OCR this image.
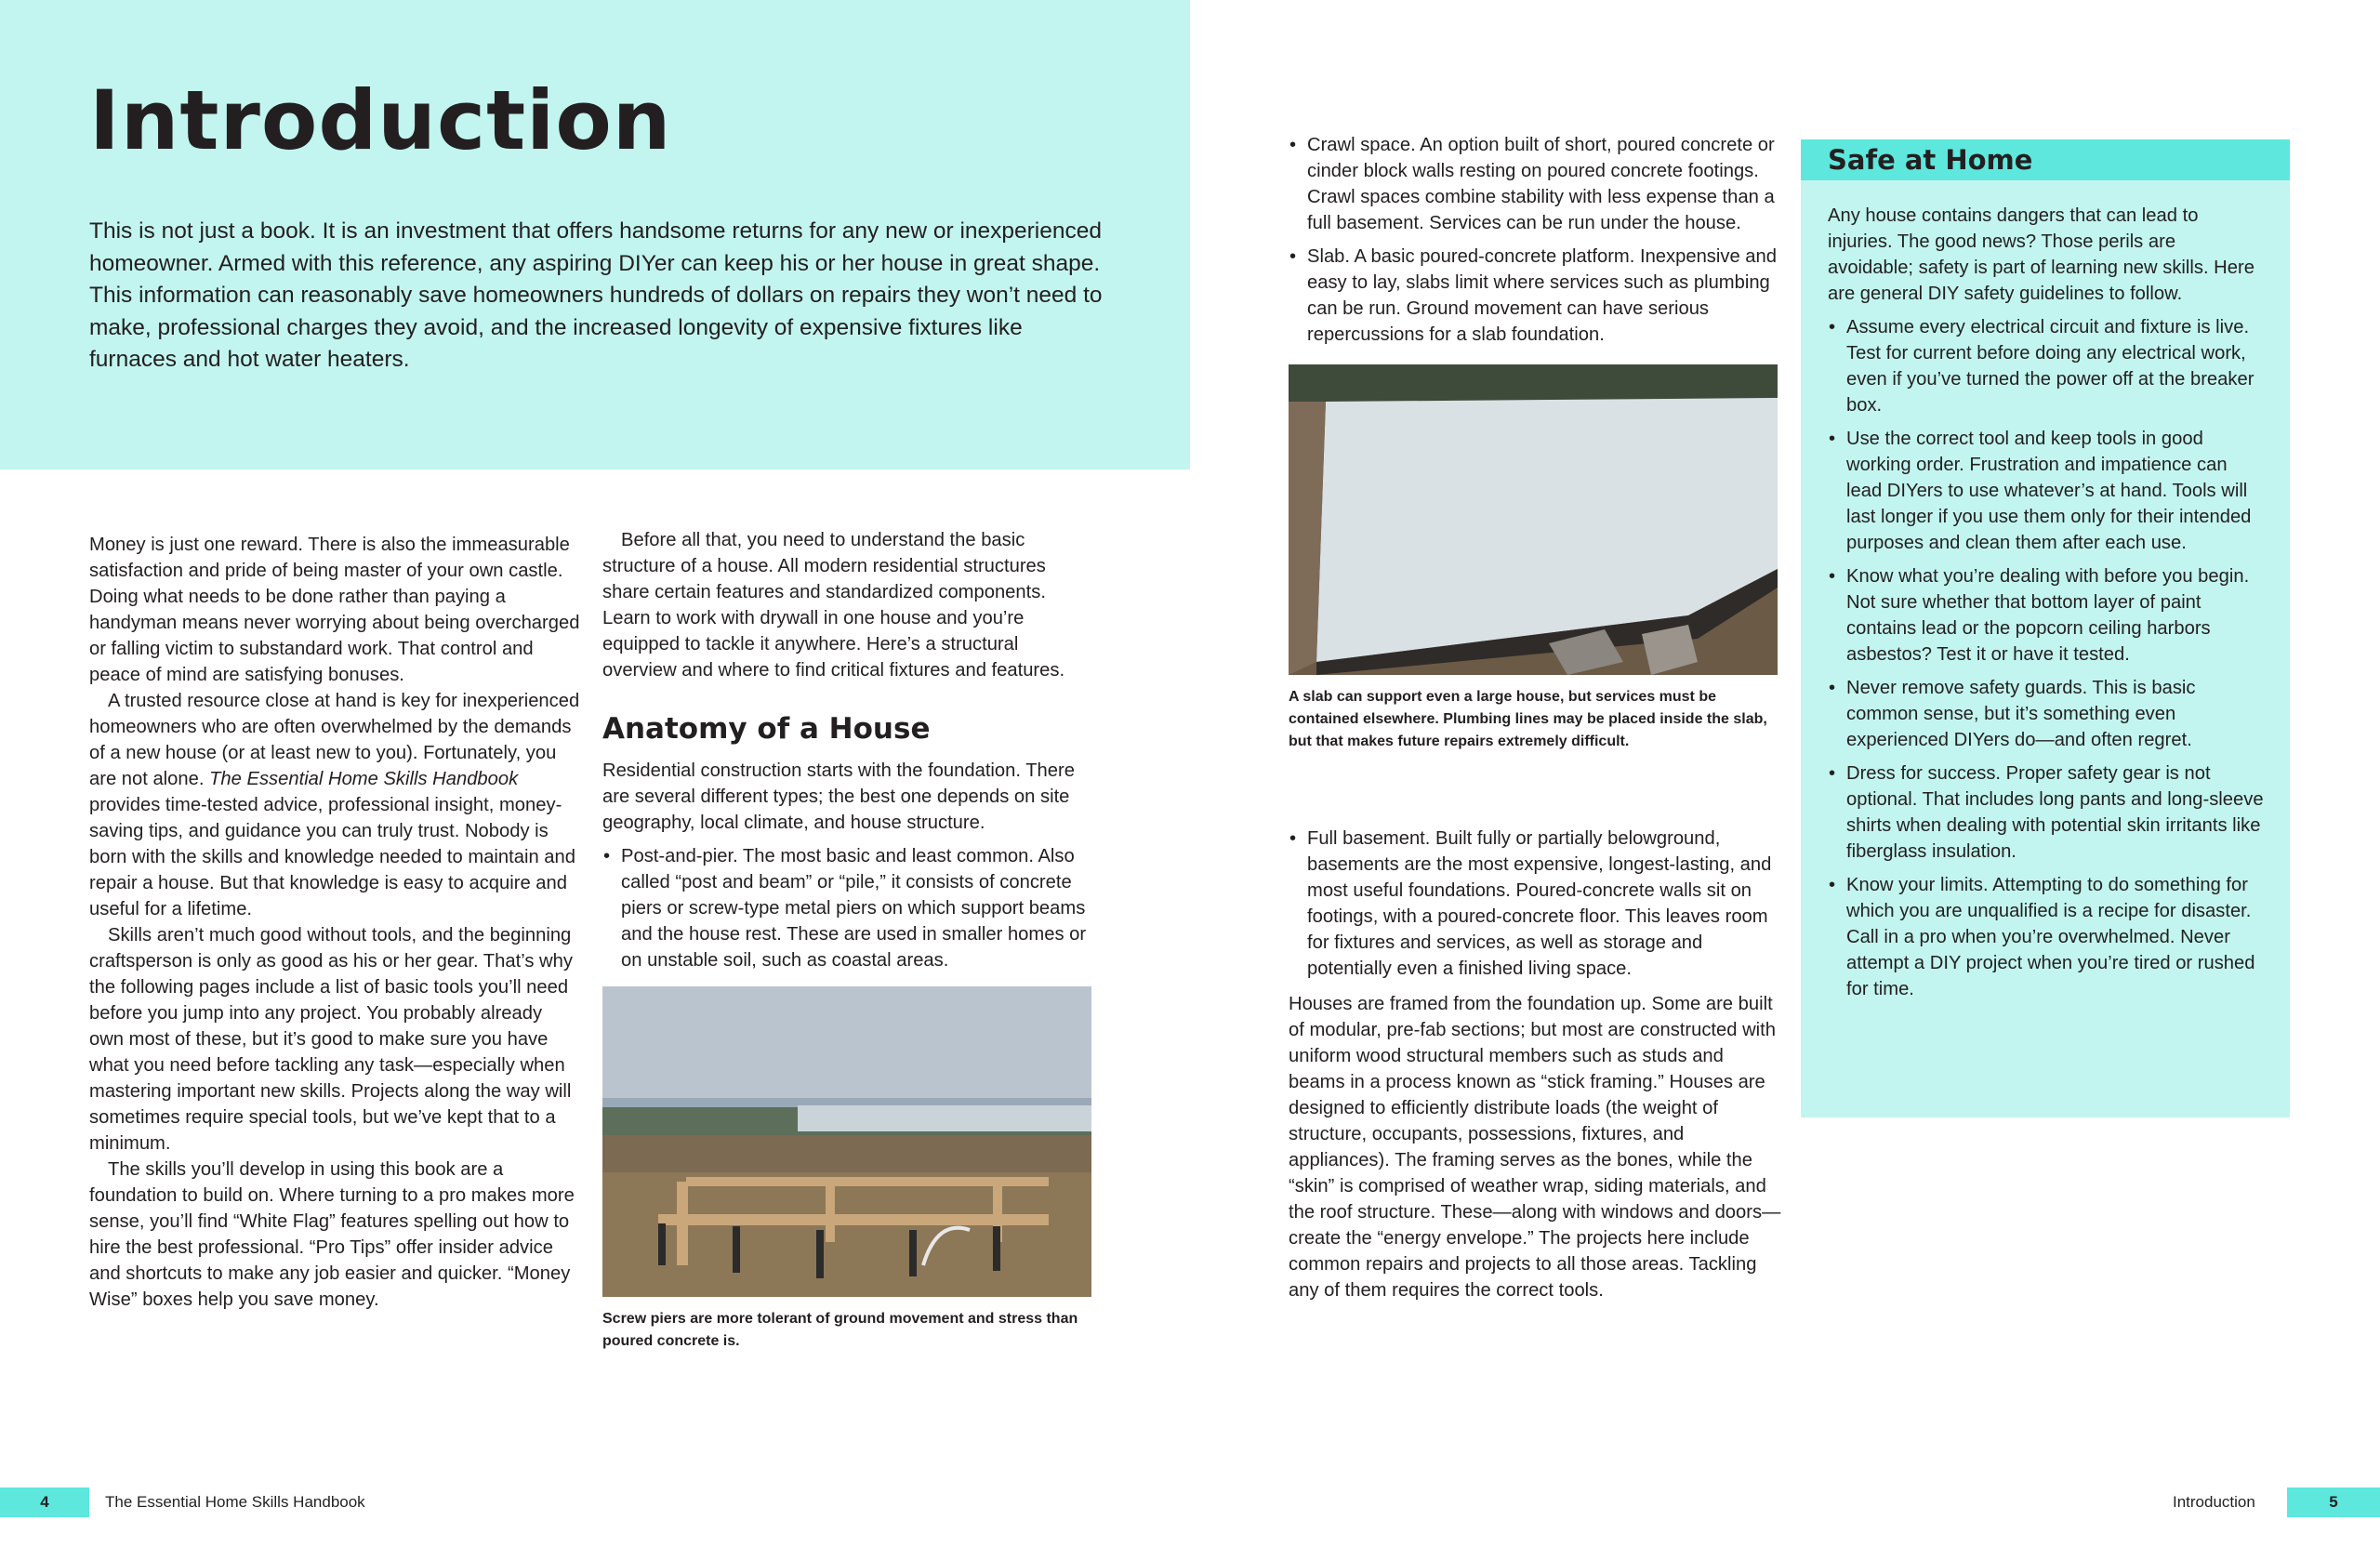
Introduction

This is not just a book. It is an investment that offers handsome returns for any new or inexperienced homeowner. Armed with this reference, any aspiring DIYer can keep his or her house in great shape. This information can reasonably save homeowners hundreds of dollars on repairs they won’t need to make, professional charges they avoid, and the increased longevity of expensive fixtures like furnaces and hot water heaters.

Money is just one reward. There is also the immeasurable satisfaction and pride of being master of your own castle. Doing what needs to be done rather than paying a handyman means never worrying about being overcharged or falling victim to substandard work. That control and peace of mind are satisfying bonuses.

A trusted resource close at hand is key for inexperienced homeowners who are often overwhelmed by the demands of a new house (or at least new to you). Fortunately, you are not alone. The Essential Home Skills Handbook provides time-tested advice, professional insight, money-saving tips, and guidance you can truly trust. Nobody is born with the skills and knowledge needed to maintain and repair a house. But that knowledge is easy to acquire and useful for a lifetime.

Skills aren’t much good without tools, and the beginning craftsperson is only as good as his or her gear. That’s why the following pages include a list of basic tools you’ll need before you jump into any project. You probably already own most of these, but it’s good to make sure you have what you need before tackling any task—especially when mastering important new skills. Projects along the way will sometimes require special tools, but we’ve kept that to a minimum.

The skills you’ll develop in using this book are a foundation to build on. Where turning to a pro makes more sense, you’ll find “White Flag” features spelling out how to hire the best professional. “Pro Tips” offer insider advice and shortcuts to make any job easier and quicker. “Money Wise” boxes help you save money.

Before all that, you need to understand the basic structure of a house. All modern residential structures share certain features and standardized components. Learn to work with drywall in one house and you’re equipped to tackle it anywhere. Here’s a structural overview and where to find critical fixtures and features.

Anatomy of a House

Residential construction starts with the foundation. There are several different types; the best one depends on site geography, local climate, and house structure.

• Post-and-pier. The most basic and least common. Also called “post and beam” or “pile,” it consists of concrete piers or screw-type metal piers on which support beams and the house rest. These are used in smaller homes or on unstable soil, such as coastal areas.

Screw piers are more tolerant of ground movement and stress than poured concrete is.

• Crawl space. An option built of short, poured concrete or cinder block walls resting on poured concrete footings. Crawl spaces combine stability with less expense than a full basement. Services can be run under the house.
• Slab. A basic poured-concrete platform. Inexpensive and easy to lay, slabs limit where services such as plumbing can be run. Ground movement can have serious repercussions for a slab foundation.

A slab can support even a large house, but services must be contained elsewhere. Plumbing lines may be placed inside the slab, but that makes future repairs extremely difficult.

• Full basement. Built fully or partially belowground, basements are the most expensive, longest-lasting, and most useful foundations. Poured-concrete walls sit on footings, with a poured-concrete floor. This leaves room for fixtures and services, as well as storage and potentially even a finished living space.

Houses are framed from the foundation up. Some are built of modular, pre-fab sections; but most are constructed with uniform wood structural members such as studs and beams in a process known as “stick framing.” Houses are designed to efficiently distribute loads (the weight of structure, occupants, possessions, fixtures, and appliances). The framing serves as the bones, while the “skin” is comprised of weather wrap, siding materials, and the roof structure. These—along with windows and doors—create the “energy envelope.” The projects here include common repairs and projects to all those areas. Tackling any of them requires the correct tools.

Safe at Home

Any house contains dangers that can lead to injuries. The good news? Those perils are avoidable; safety is part of learning new skills. Here are general DIY safety guidelines to follow.

• Assume every electrical circuit and fixture is live. Test for current before doing any electrical work, even if you’ve turned the power off at the breaker box.
• Use the correct tool and keep tools in good working order. Frustration and impatience can lead DIYers to use whatever’s at hand. Tools will last longer if you use them only for their intended purposes and clean them after each use.
• Know what you’re dealing with before you begin. Not sure whether that bottom layer of paint contains lead or the popcorn ceiling harbors asbestos? Test it or have it tested.
• Never remove safety guards. This is basic common sense, but it’s something even experienced DIYers do—and often regret.
• Dress for success. Proper safety gear is not optional. That includes long pants and long-sleeve shirts when dealing with potential skin irritants like fiberglass insulation.
• Know your limits. Attempting to do something for which you are unqualified is a recipe for disaster. Call in a pro when you’re overwhelmed. Never attempt a DIY project when you’re tired or rushed for time.
4	The Essential Home Skills Handbook	Introduction	5
